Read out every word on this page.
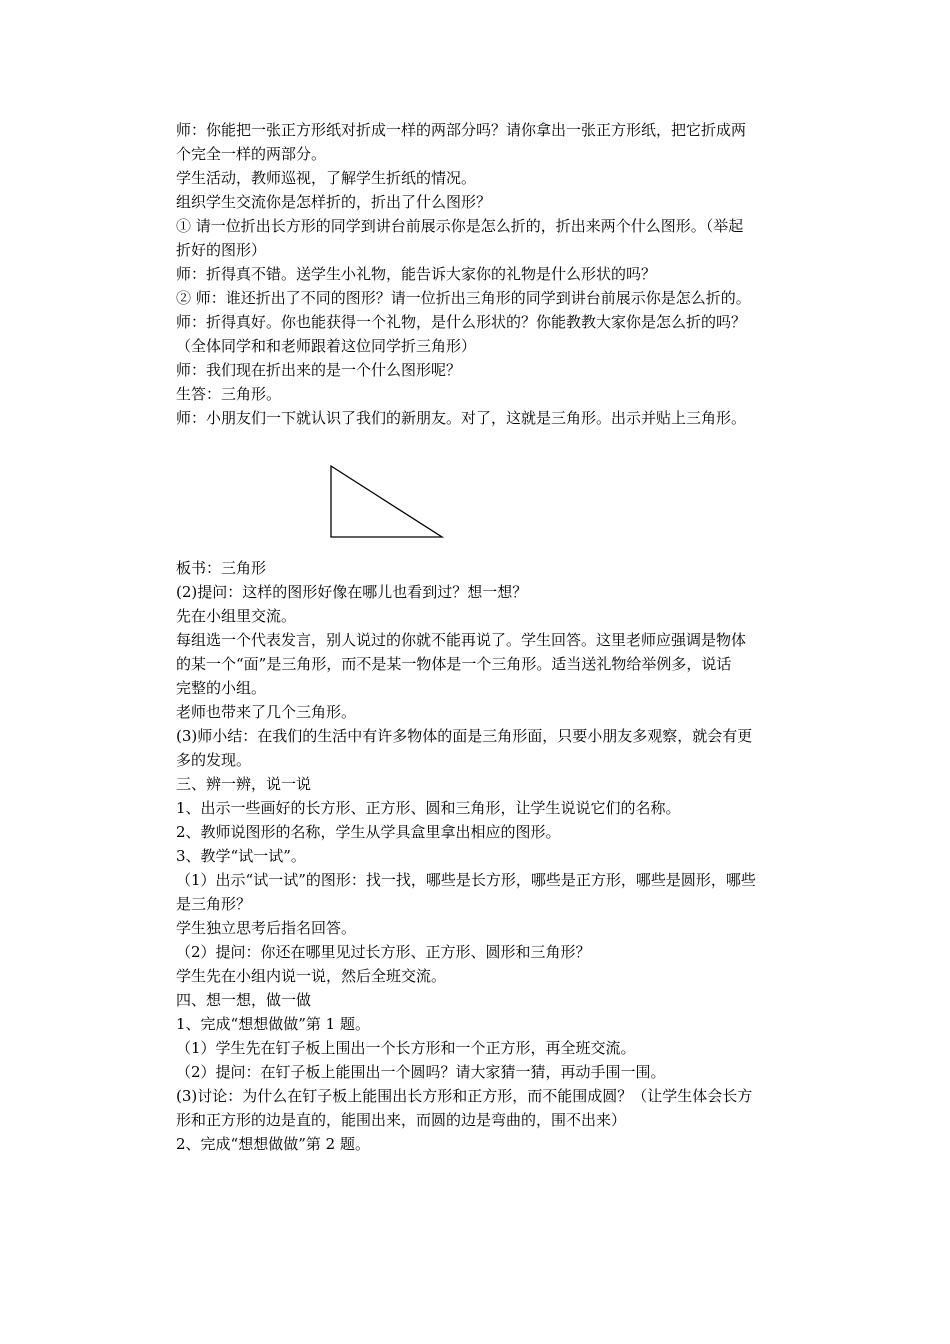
师：你能把一张正方形纸对折成一样的两部分吗？请你拿出一张正方形纸，把它折成两

个完全一样的两部分。

学生活动，教师巡视，了解学生折纸的情况。

组织学生交流你是怎样折的，折出了什么图形？

① 请一位折出长方形的同学到讲台前展示你是怎么折的，折出来两个什么图形。（举起

折好的图形）

师：折得真不错。送学生小礼物，能告诉大家你的礼物是什么形状的吗？

② 师：谁还折出了不同的图形？请一位折出三角形的同学到讲台前展示你是怎么折的。

师：折得真好。你也能获得一个礼物，是什么形状的？你能教教大家你是怎么折的吗？

（全体同学和和老师跟着这位同学折三角形）

师：我们现在折出来的是一个什么图形呢？

生答：三角形。

师：小朋友们一下就认识了我们的新朋友。对了，这就是三角形。出示并贴上三角形。

板书：三角形

(2)提问：这样的图形好像在哪儿也看到过？想一想？

先在小组里交流。

每组选一个代表发言，别人说过的你就不能再说了。学生回答。这里老师应强调是物体

的某一个“面”是三角形，而不是某一物体是一个三角形。适当送礼物给举例多，说话

完整的小组。

老师也带来了几个三角形。

(3)师小结：在我们的生活中有许多物体的面是三角形面，只要小朋友多观察，就会有更

多的发现。

三、辨一辨，说一说

1、出示一些画好的长方形、正方形、圆和三角形，让学生说说它们的名称。

2、教师说图形的名称，学生从学具盒里拿出相应的图形。

3、教学“试一试”。

（1）出示“试一试”的图形：找一找，哪些是长方形，哪些是正方形，哪些是圆形，哪些

是三角形？

学生独立思考后指名回答。

（2）提问：你还在哪里见过长方形、正方形、圆形和三角形？

学生先在小组内说一说，然后全班交流。

四、想一想，做一做

1、完成“想想做做”第 1 题。

（1）学生先在钉子板上围出一个长方形和一个正方形，再全班交流。

（2）提问：在钉子板上能围出一个圆吗？请大家猜一猜，再动手围一围。

(3)讨论：为什么在钉子板上能围出长方形和正方形，而不能围成圆？（让学生体会长方

形和正方形的边是直的，能围出来，而圆的边是弯曲的，围不出来）

2、完成“想想做做”第 2 题。
